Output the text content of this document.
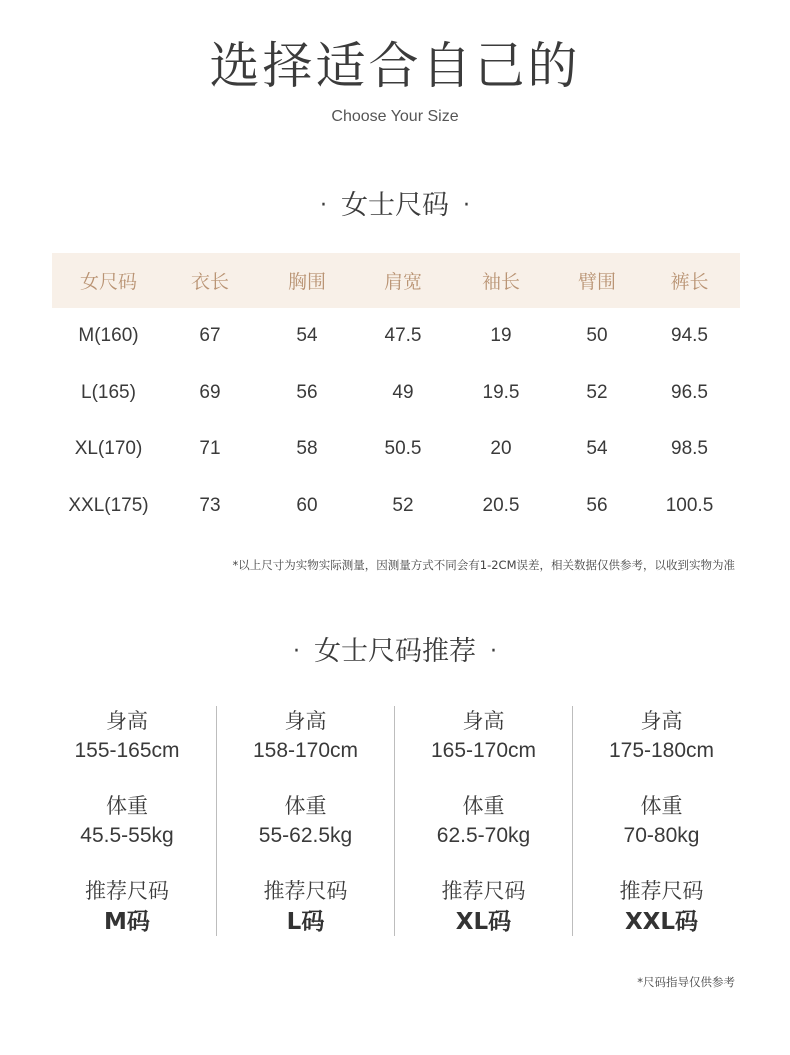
选择适合自己的
Choose Your Size
· 女士尺码 ·
女尺码	衣长	胸围	肩宽	袖长	臂围	裤长
M(160)	67	54	47.5	19	50	94.5
L(165)	69	56	49	19.5	52	96.5
XL(170)	71	58	50.5	20	54	98.5
XXL(175)	73	60	52	20.5	56	100.5
*以上尺寸为实物实际测量，因测量方式不同会有1-2CM误差，相关数据仅供参考，以收到实物为准
· 女士尺码推荐 ·
身高
155-165cm
体重
45.5-55kg
推荐尺码
M码
身高
158-170cm
体重
55-62.5kg
推荐尺码
L码
身高
165-170cm
体重
62.5-70kg
推荐尺码
XL码
身高
175-180cm
体重
70-80kg
推荐尺码
XXL码
*尺码指导仅供参考
